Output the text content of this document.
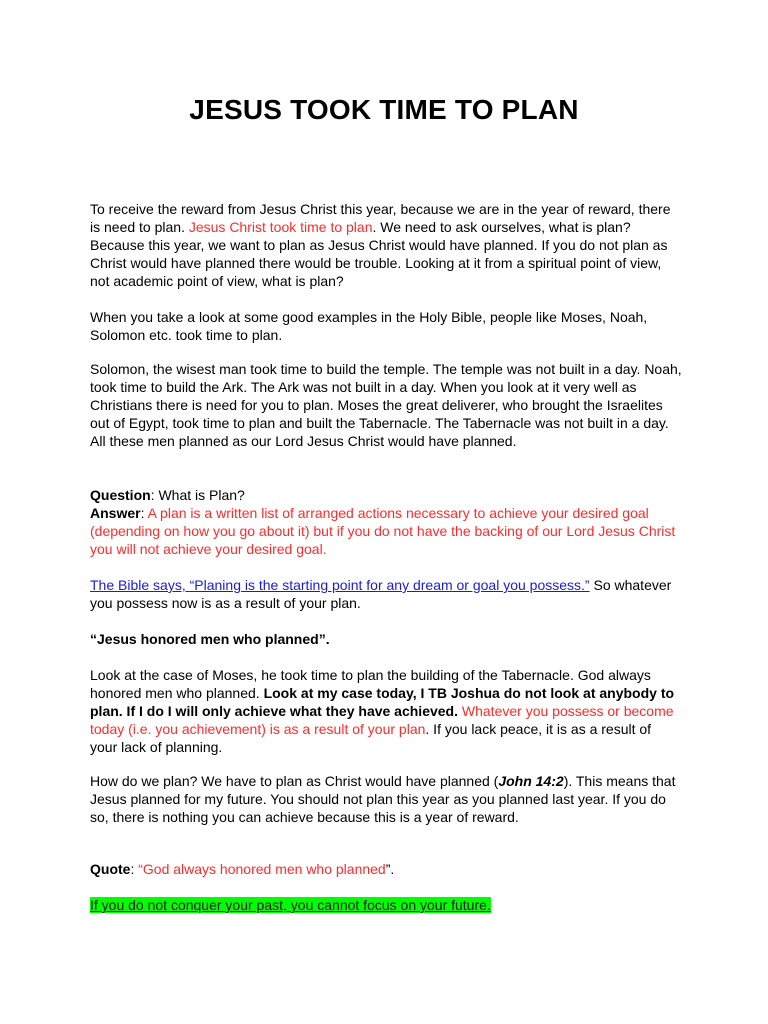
JESUS TOOK TIME TO PLAN

To receive the reward from Jesus Christ this year, because we are in the year of reward, there is need to plan. Jesus Christ took time to plan. We need to ask ourselves, what is plan? Because this year, we want to plan as Jesus Christ would have planned. If you do not plan as Christ would have planned there would be trouble. Looking at it from a spiritual point of view, not academic point of view, what is plan?

When you take a look at some good examples in the Holy Bible, people like Moses, Noah, Solomon etc. took time to plan.

Solomon, the wisest man took time to build the temple. The temple was not built in a day. Noah, took time to build the Ark. The Ark was not built in a day. When you look at it very well as Christians there is need for you to plan. Moses the great deliverer, who brought the Israelites out of Egypt, took time to plan and built the Tabernacle. The Tabernacle was not built in a day. All these men planned as our Lord Jesus Christ would have planned.

Question: What is Plan?
Answer: A plan is a written list of arranged actions necessary to achieve your desired goal (depending on how you go about it) but if you do not have the backing of our Lord Jesus Christ you will not achieve your desired goal.

The Bible says, “Planing is the starting point for any dream or goal you possess.” So whatever you possess now is as a result of your plan.

“Jesus honored men who planned”.

Look at the case of Moses, he took time to plan the building of the Tabernacle. God always honored men who planned. Look at my case today, I TB Joshua do not look at anybody to plan. If I do I will only achieve what they have achieved. Whatever you possess or become today (i.e. you achievement) is as a result of your plan. If you lack peace, it is as a result of your lack of planning.

How do we plan? We have to plan as Christ would have planned (John 14:2). This means that Jesus planned for my future. You should not plan this year as you planned last year. If you do so, there is nothing you can achieve because this is a year of reward.

Quote: “God always honored men who planned”.

If you do not conquer your past, you cannot focus on your future.
